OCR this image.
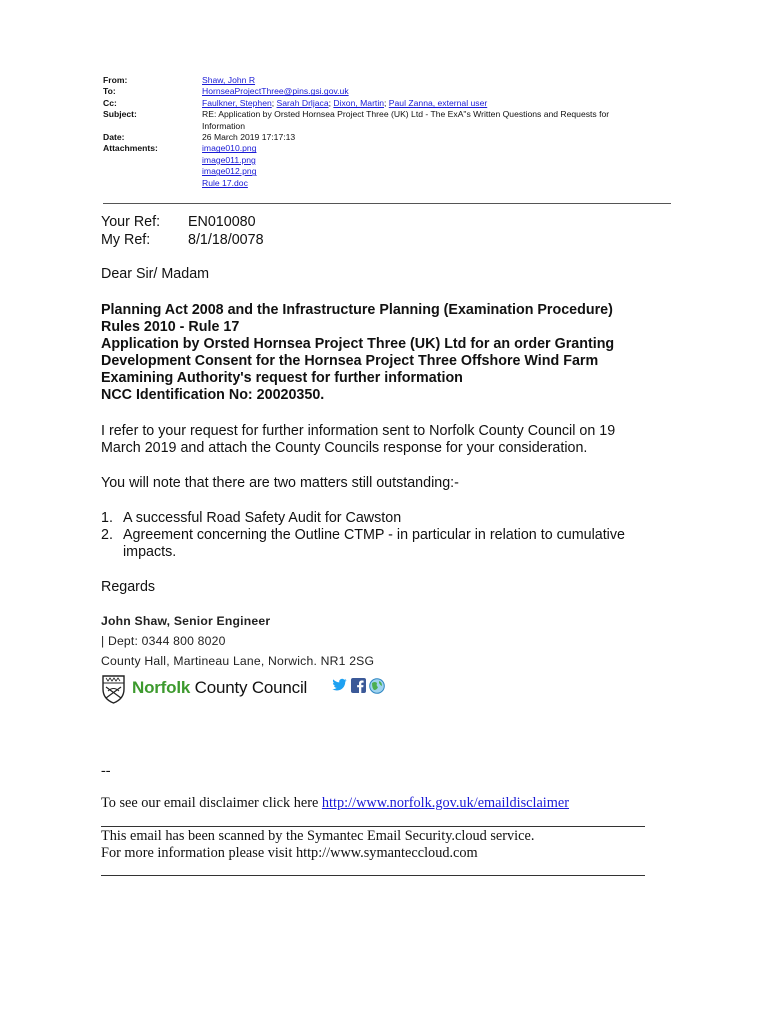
From:	Shaw, John R
To:	HornseaProjectThree@pins.gsi.gov.uk
Cc:	Faulkner, Stephen; Sarah Drljaca; Dixon, Martin; Paul Zanna, external user
Subject:	RE: Application by Orsted Hornsea Project Three (UK) Ltd - The ExA"s Written Questions and Requests for
Information
Date:	26 March 2019 17:17:13
Attachments:	image010.png
image011.png
image012.png
Rule 17.doc
Your Ref: EN010080
My Ref:	8/1/18/0078
Dear Sir/ Madam
Planning Act 2008 and the Infrastructure Planning (Examination Procedure)
Rules 2010 - Rule 17
Application by Orsted Hornsea Project Three (UK) Ltd for an order Granting
Development Consent for the Hornsea Project Three Offshore Wind Farm
Examining Authority's request for further information
NCC Identification No: 20020350.
I refer to your request for further information sent to Norfolk County Council on 19
March 2019 and attach the County Councils response for your consideration.
You will note that there are two matters still outstanding:-
1. A successful Road Safety Audit for Cawston
2. Agreement concerning the Outline CTMP - in particular in relation to cumulative
impacts.
Regards
John Shaw, Senior Engineer
| Dept: 0344 800 8020
County Hall, Martineau Lane, Norwich. NR1 2SG
Norfolk County Council
--
To see our email disclaimer click here http://www.norfolk.gov.uk/emaildisclaimer
This email has been scanned by the Symantec Email Security.cloud service.
For more information please visit http://www.symanteccloud.com
